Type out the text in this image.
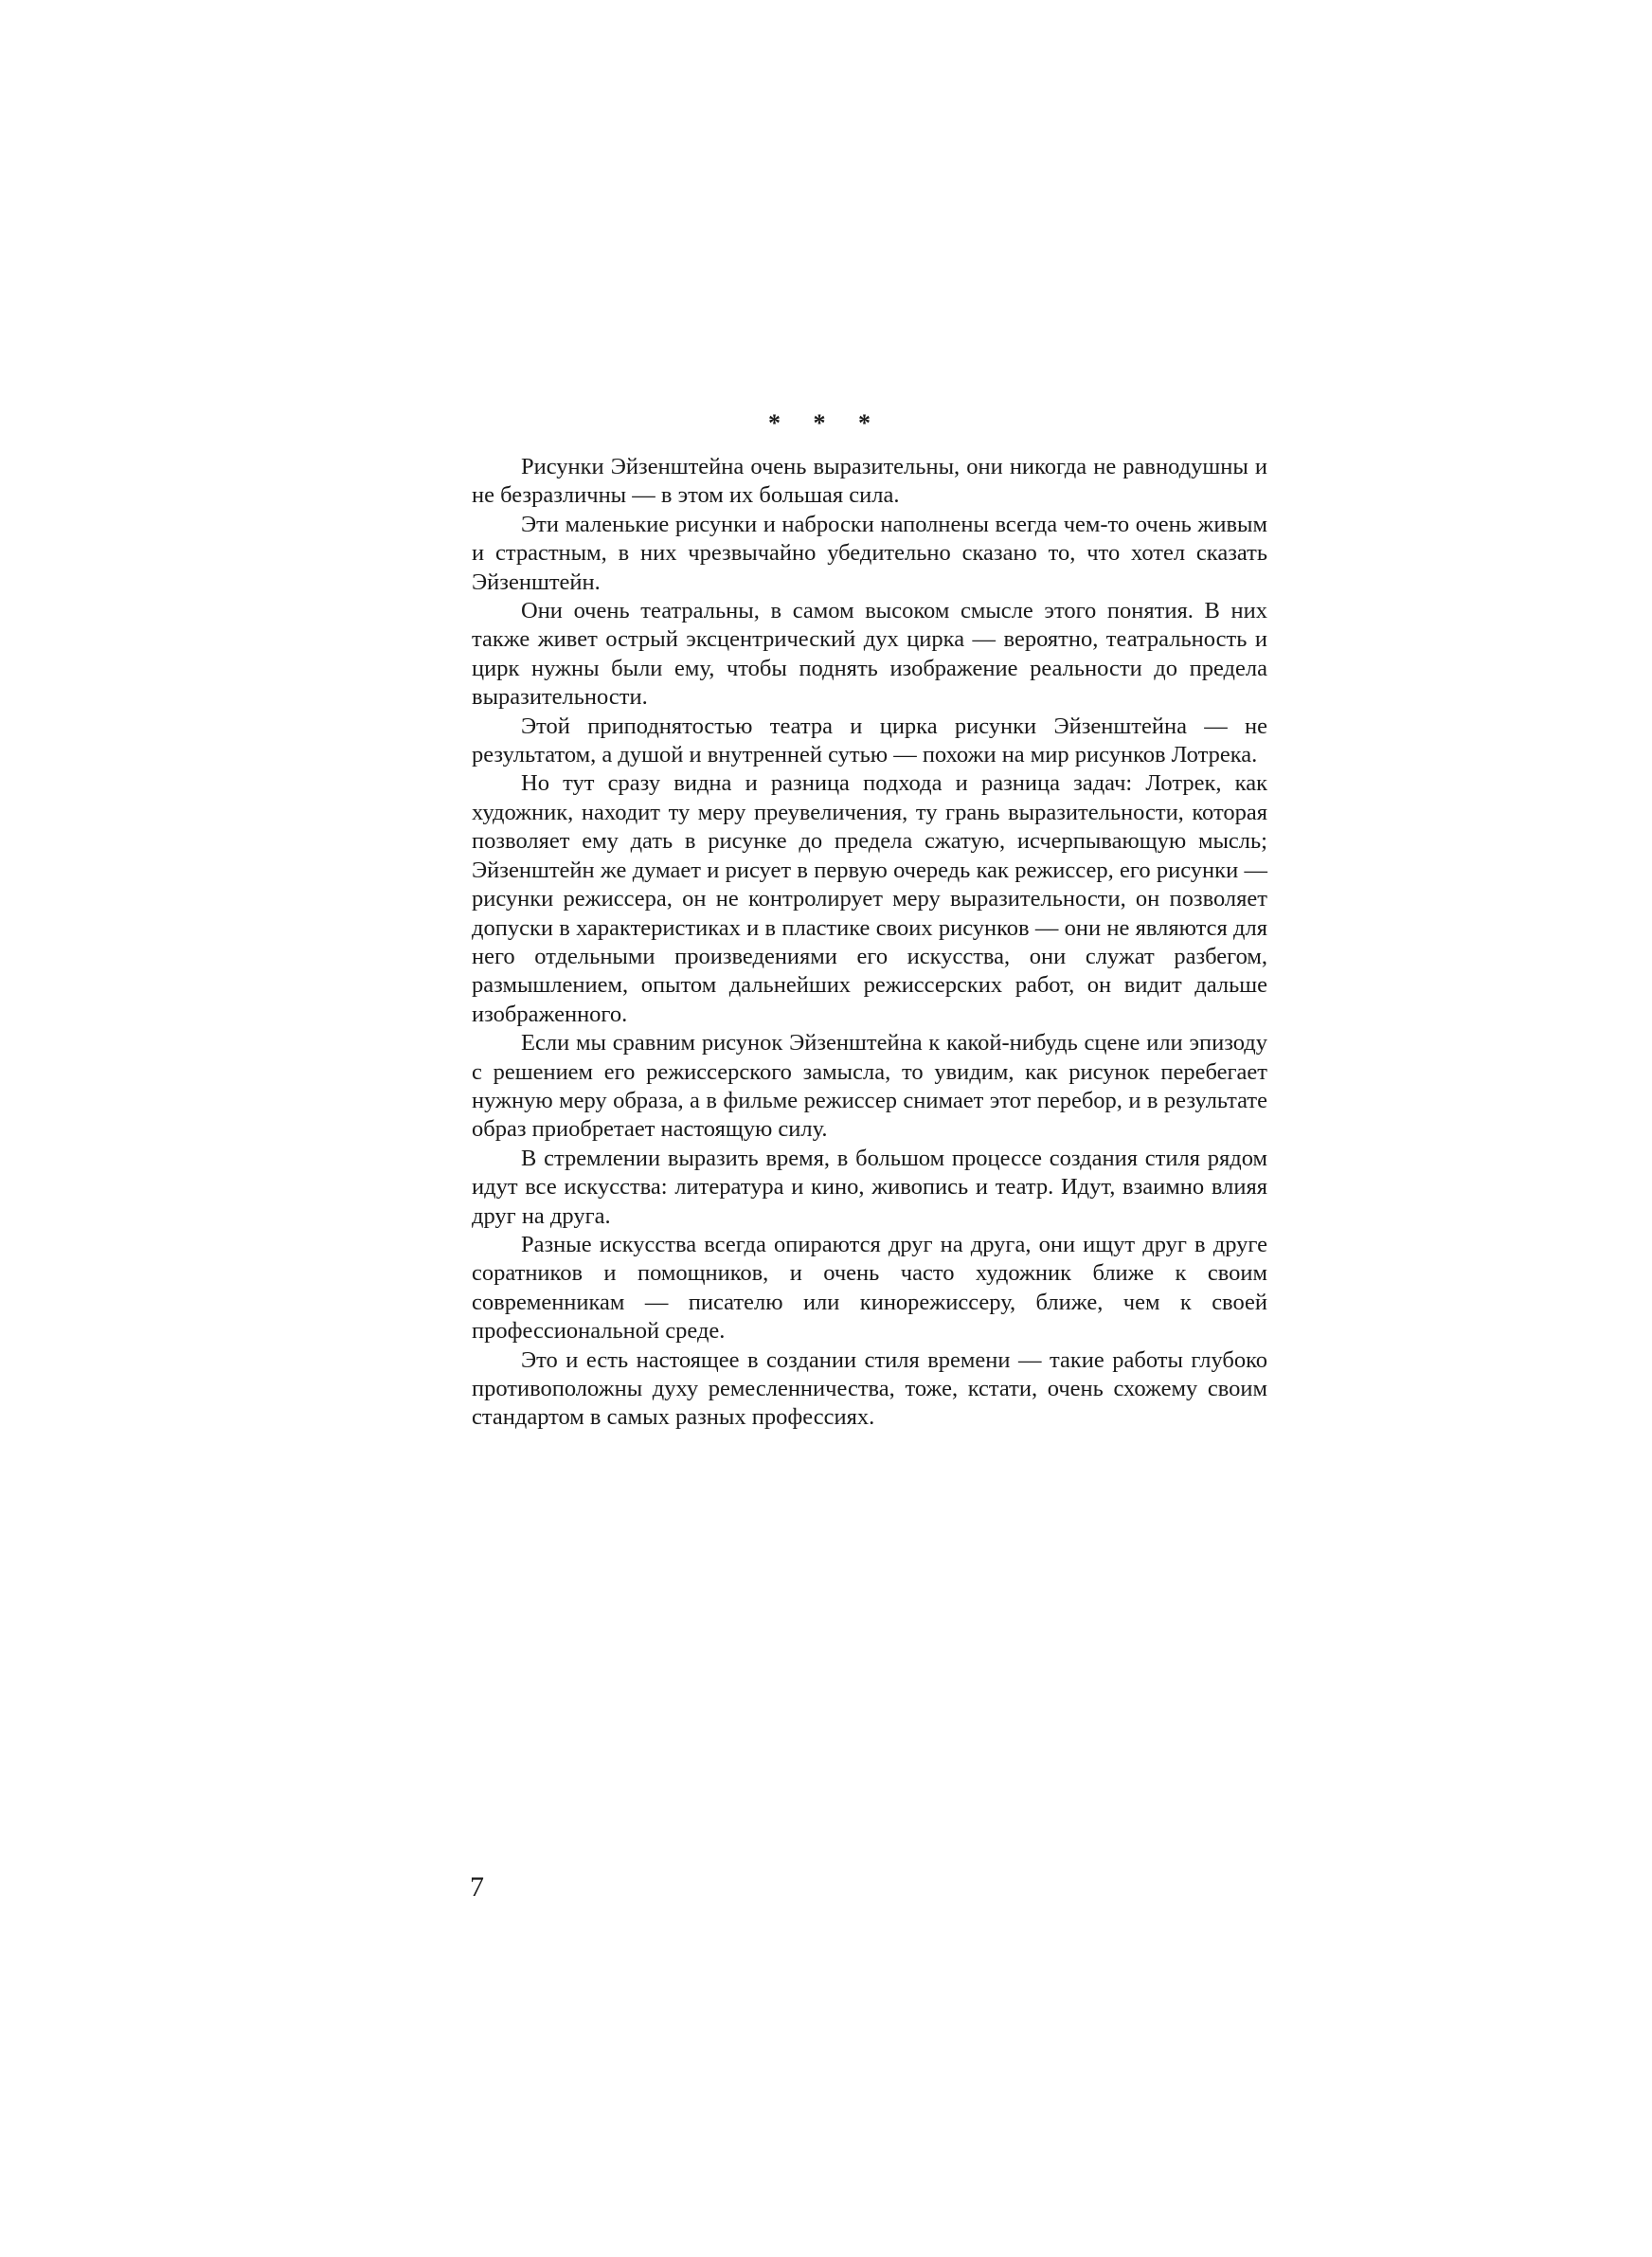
* * *

Рисунки Эйзенштейна очень выразительны, они никогда не равнодушны и не безразличны — в этом их большая сила.

Эти маленькие рисунки и наброски наполнены всегда чем-то очень живым и страстным, в них чрезвычайно убедительно сказано то, что хотел сказать Эйзенштейн.

Они очень театральны, в самом высоком смысле этого понятия. В них также живет острый эксцентрический дух цирка — вероятно, театральность и цирк нужны были ему, чтобы поднять изображение реальности до предела выразительности.

Этой приподнятостью театра и цирка рисунки Эйзенштейна — не результатом, а душой и внутренней сутью — похожи на мир рисунков Лотрека.

Но тут сразу видна и разница подхода и разница задач: Лотрек, как художник, находит ту меру преувеличения, ту грань выразительности, которая позволяет ему дать в рисунке до предела сжатую, исчерпывающую мысль; Эйзенштейн же думает и рисует в первую очередь как режиссер, его рисунки — рисунки режиссера, он не контролирует меру выразительности, он позволяет допуски в характеристиках и в пластике своих рисунков — они не являются для него отдельными произведениями его искусства, они служат разбегом, размышлением, опытом дальнейших режиссерских работ, он видит дальше изображенного.

Если мы сравним рисунок Эйзенштейна к какой-нибудь сцене или эпизоду с решением его режиссерского замысла, то увидим, как рисунок перебегает нужную меру образа, а в фильме режиссер снимает этот перебор, и в результате образ приобретает настоящую силу.

В стремлении выразить время, в большом процессе создания стиля рядом идут все искусства: литература и кино, живопись и театр. Идут, взаимно влияя друг на друга.

Разные искусства всегда опираются друг на друга, они ищут друг в друге соратников и помощников, и очень часто художник ближе к своим современникам — писателю или кинорежиссеру, ближе, чем к своей профессиональной среде.

Это и есть настоящее в создании стиля времени — такие работы глубоко противоположны духу ремесленничества, тоже, кстати, очень схожему своим стандартом в самых разных профессиях.

7
